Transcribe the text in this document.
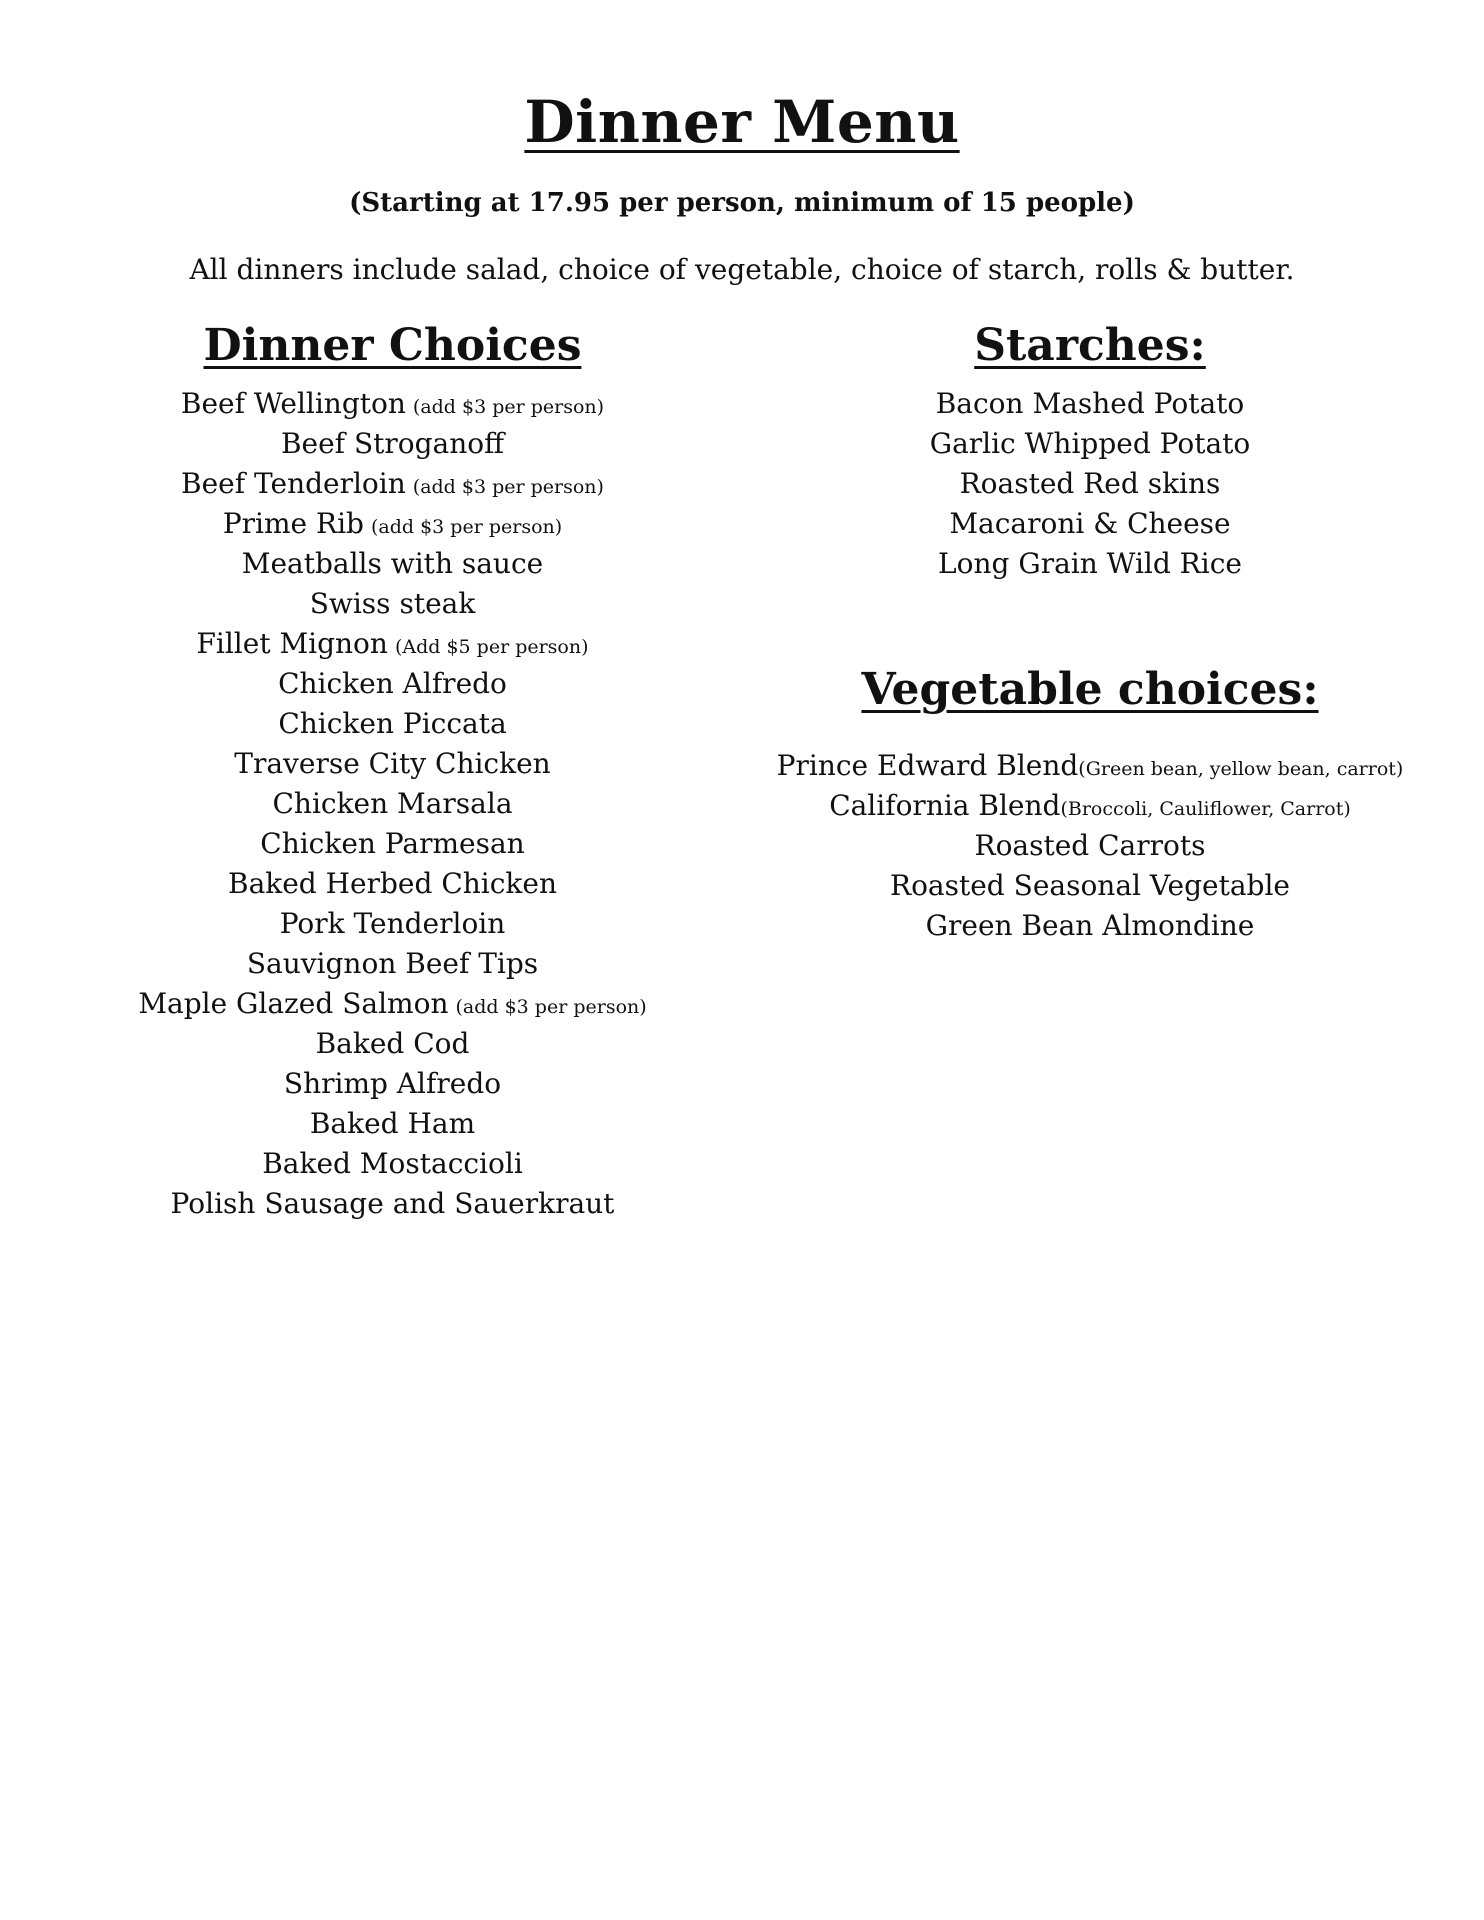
Dinner Menu
(Starting at 17.95 per person, minimum of 15 people)
All dinners include salad, choice of vegetable, choice of starch, rolls & butter.
Dinner Choices
Beef Wellington (add $3 per person)
Beef Stroganoff
Beef Tenderloin (add $3 per person)
Prime Rib (add $3 per person)
Meatballs with sauce
Swiss steak
Fillet Mignon (Add $5 per person)
Chicken Alfredo
Chicken Piccata
Traverse City Chicken
Chicken Marsala
Chicken Parmesan
Baked Herbed Chicken
Pork Tenderloin
Sauvignon Beef Tips
Maple Glazed Salmon (add $3 per person)
Baked Cod
Shrimp Alfredo
Baked Ham
Baked Mostaccioli
Polish Sausage and Sauerkraut
Starches:
Bacon Mashed Potato
Garlic Whipped Potato
Roasted Red skins
Macaroni & Cheese
Long Grain Wild Rice
Vegetable choices:
Prince Edward Blend(Green bean, yellow bean, carrot)
California Blend(Broccoli, Cauliflower, Carrot)
Roasted Carrots
Roasted Seasonal Vegetable
Green Bean Almondine
